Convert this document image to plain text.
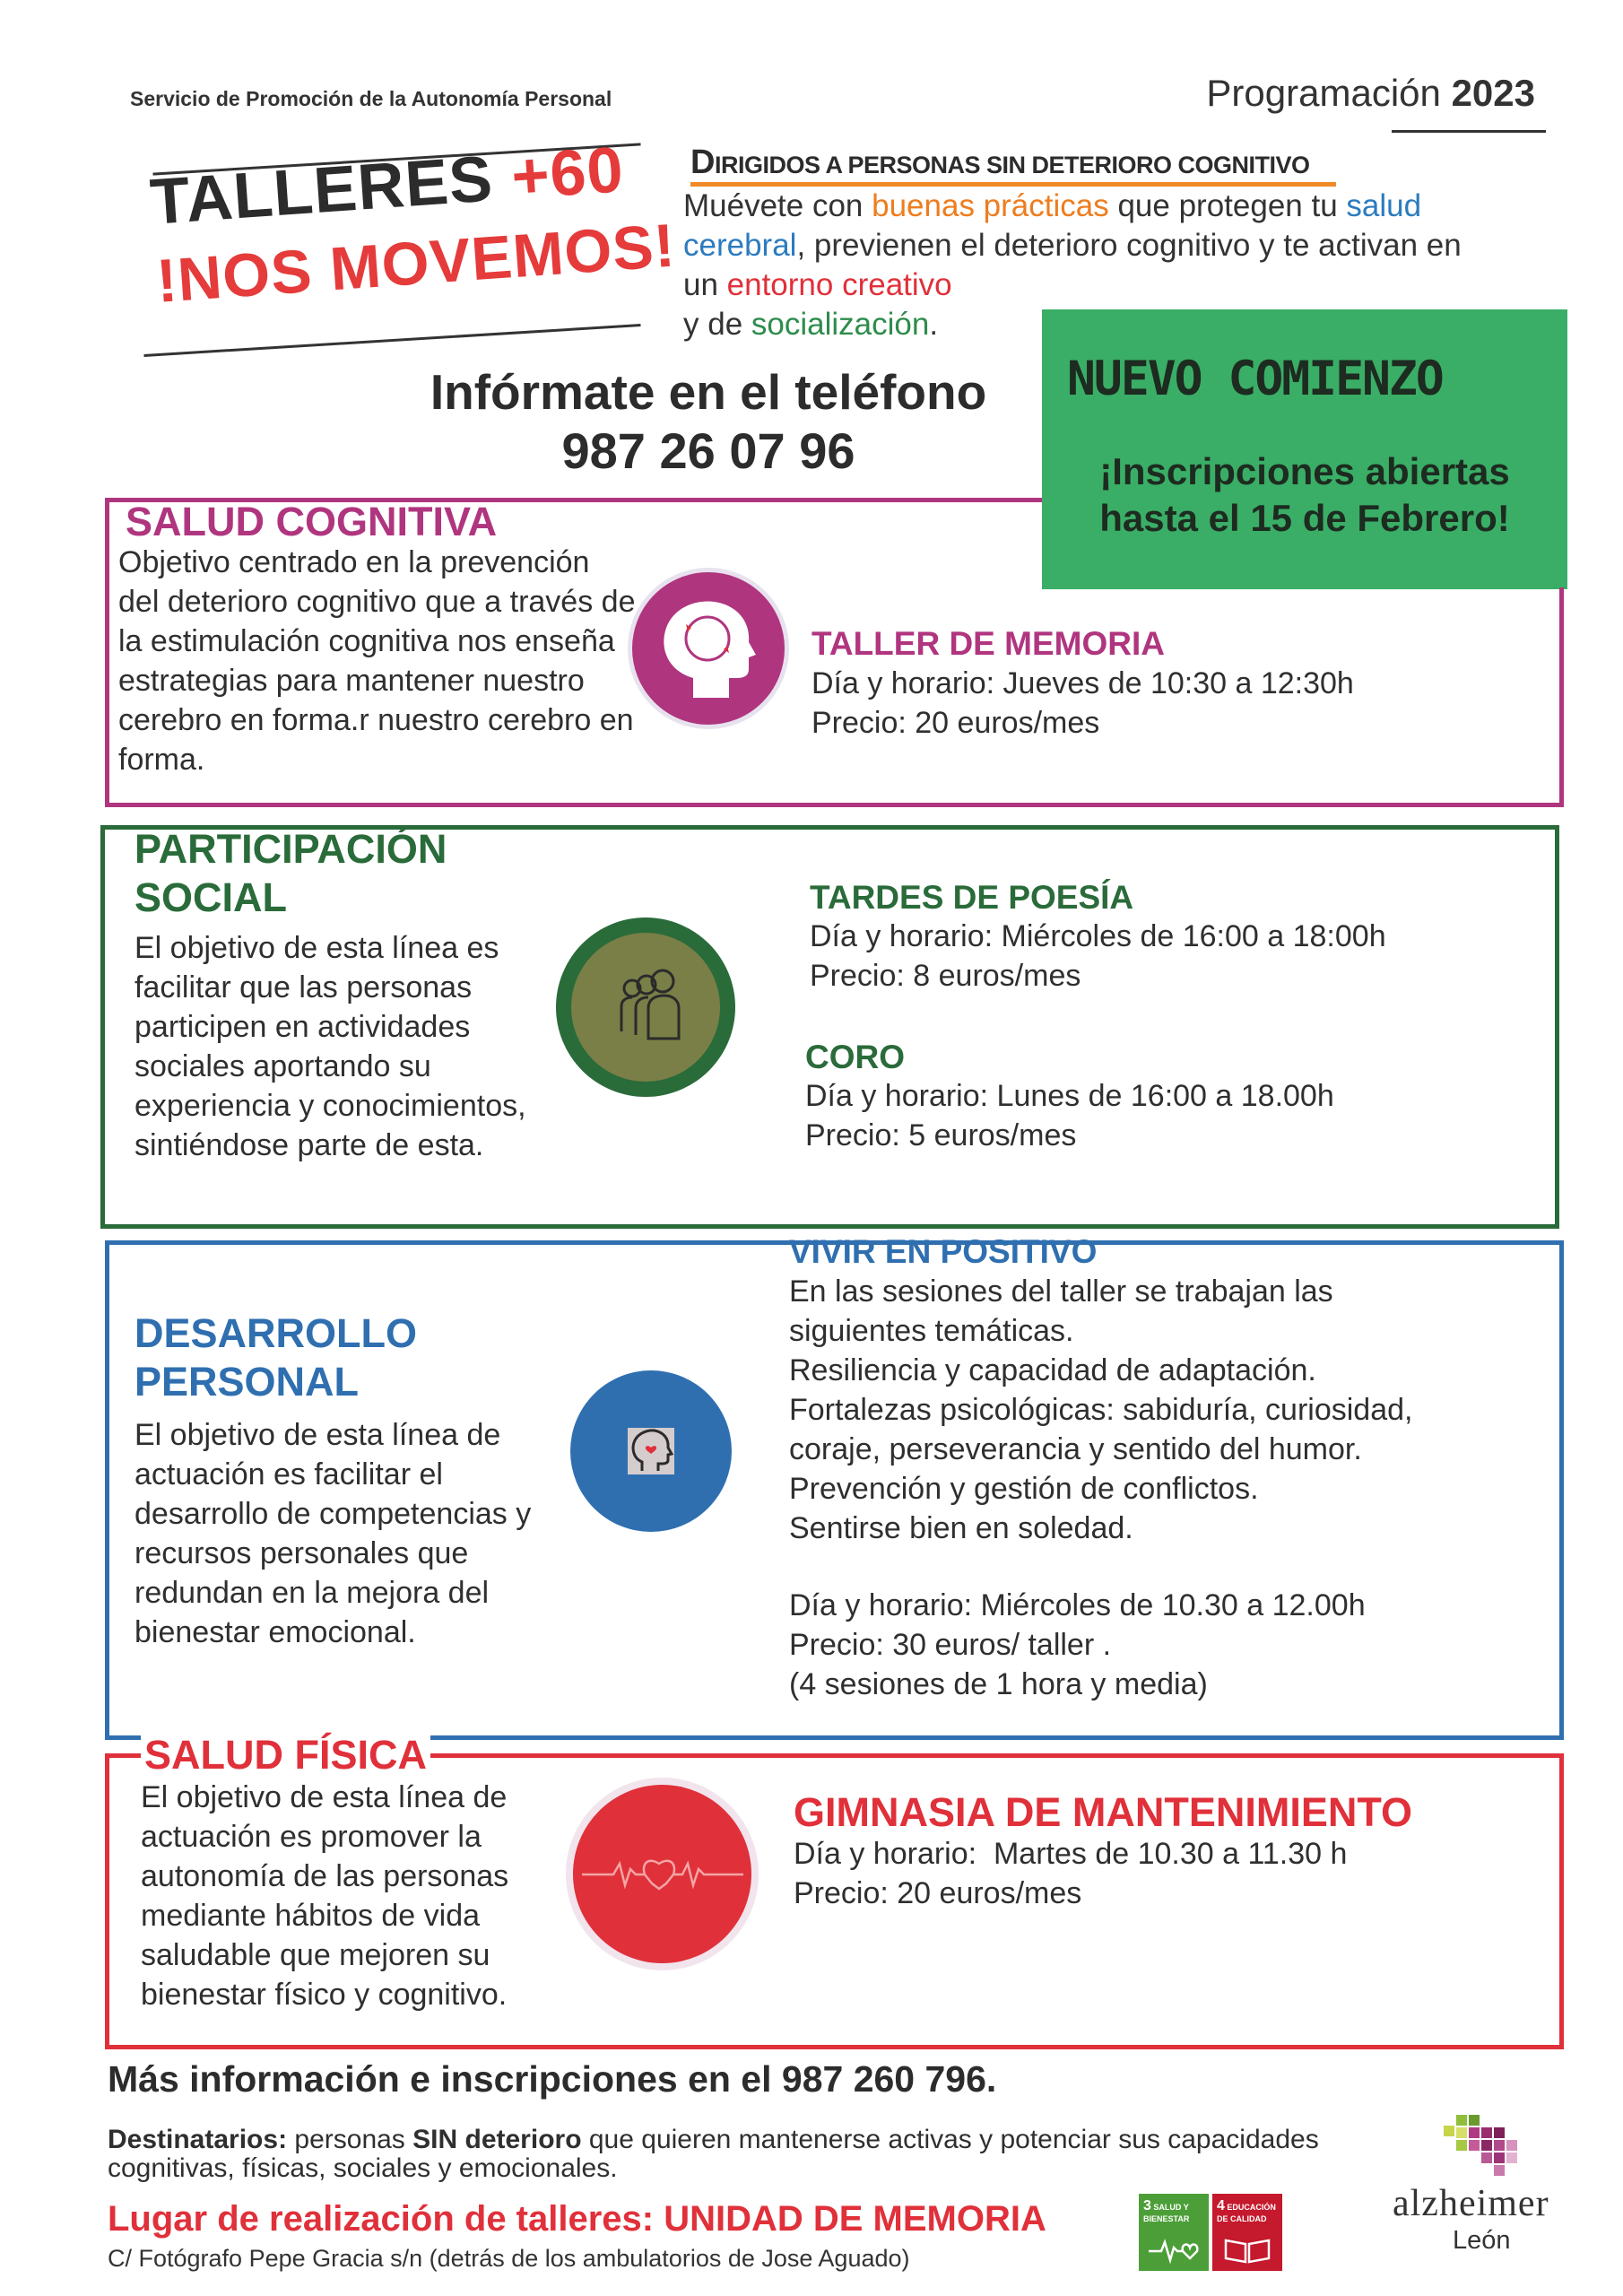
Servicio de Promoción de la Autonomía Personal	Programación 2023
TALLERES +60
!NOS MOVEMOS!
DIRIGIDOS A PERSONAS SIN DETERIORO COGNITIVO
Muévete con buenas prácticas que protegen tu salud cerebral, previenen el deterioro cognitivo y te activan en un entorno creativo
y de socialización.
Infórmate en el teléfono
987 26 07 96
NUEVO COMIENZO
¡Inscripciones abiertas
hasta el 15 de Febrero!
SALUD COGNITIVA
Objetivo centrado en la prevención del deterioro cognitivo que a través de la estimulación cognitiva nos enseña estrategias para mantener nuestro cerebro en forma.r nuestro cerebro en forma.
TALLER DE MEMORIA
Día y horario: Jueves de 10:30 a 12:30h
Precio: 20 euros/mes
PARTICIPACIÓN
SOCIAL
El objetivo de esta línea es facilitar que las personas participen en actividades sociales aportando su experiencia y conocimientos, sintiéndose parte de esta.
TARDES DE POESÍA
Día y horario: Miércoles de 16:00 a 18:00h
Precio: 8 euros/mes
CORO
Día y horario: Lunes de 16:00 a 18.00h
Precio: 5 euros/mes
DESARROLLO
PERSONAL
El objetivo de esta línea de actuación es facilitar el desarrollo de competencias y recursos personales que redundan en la mejora del bienestar emocional.
VIVIR EN POSITIVO
En las sesiones del taller se trabajan las
siguientes temáticas.
Resiliencia y capacidad de adaptación.
Fortalezas psicológicas: sabiduría, curiosidad,
coraje, perseverancia y sentido del humor.
Prevención y gestión de conflictos.
Sentirse bien en soledad.
Día y horario: Miércoles de 10.30 a 12.00h
Precio: 30 euros/ taller .
(4 sesiones de 1 hora y media)
SALUD FÍSICA
El objetivo de esta línea de actuación es promover la autonomía de las personas mediante hábitos de vida saludable que mejoren su bienestar físico y cognitivo.
GIMNASIA DE MANTENIMIENTO
Día y horario:  Martes de 10.30 a 11.30 h
Precio: 20 euros/mes
Más información e inscripciones en el 987 260 796.
Destinatarios: personas SIN deterioro que quieren mantenerse activas y potenciar sus capacidades cognitivas, físicas, sociales y emocionales.
Lugar de realización de talleres: UNIDAD DE MEMORIA
C/ Fotógrafo Pepe Gracia s/n (detrás de los ambulatorios de Jose Aguado)
3 SALUD Y BIENESTAR
4 EDUCACIÓN DE CALIDAD	alzheimer
León
